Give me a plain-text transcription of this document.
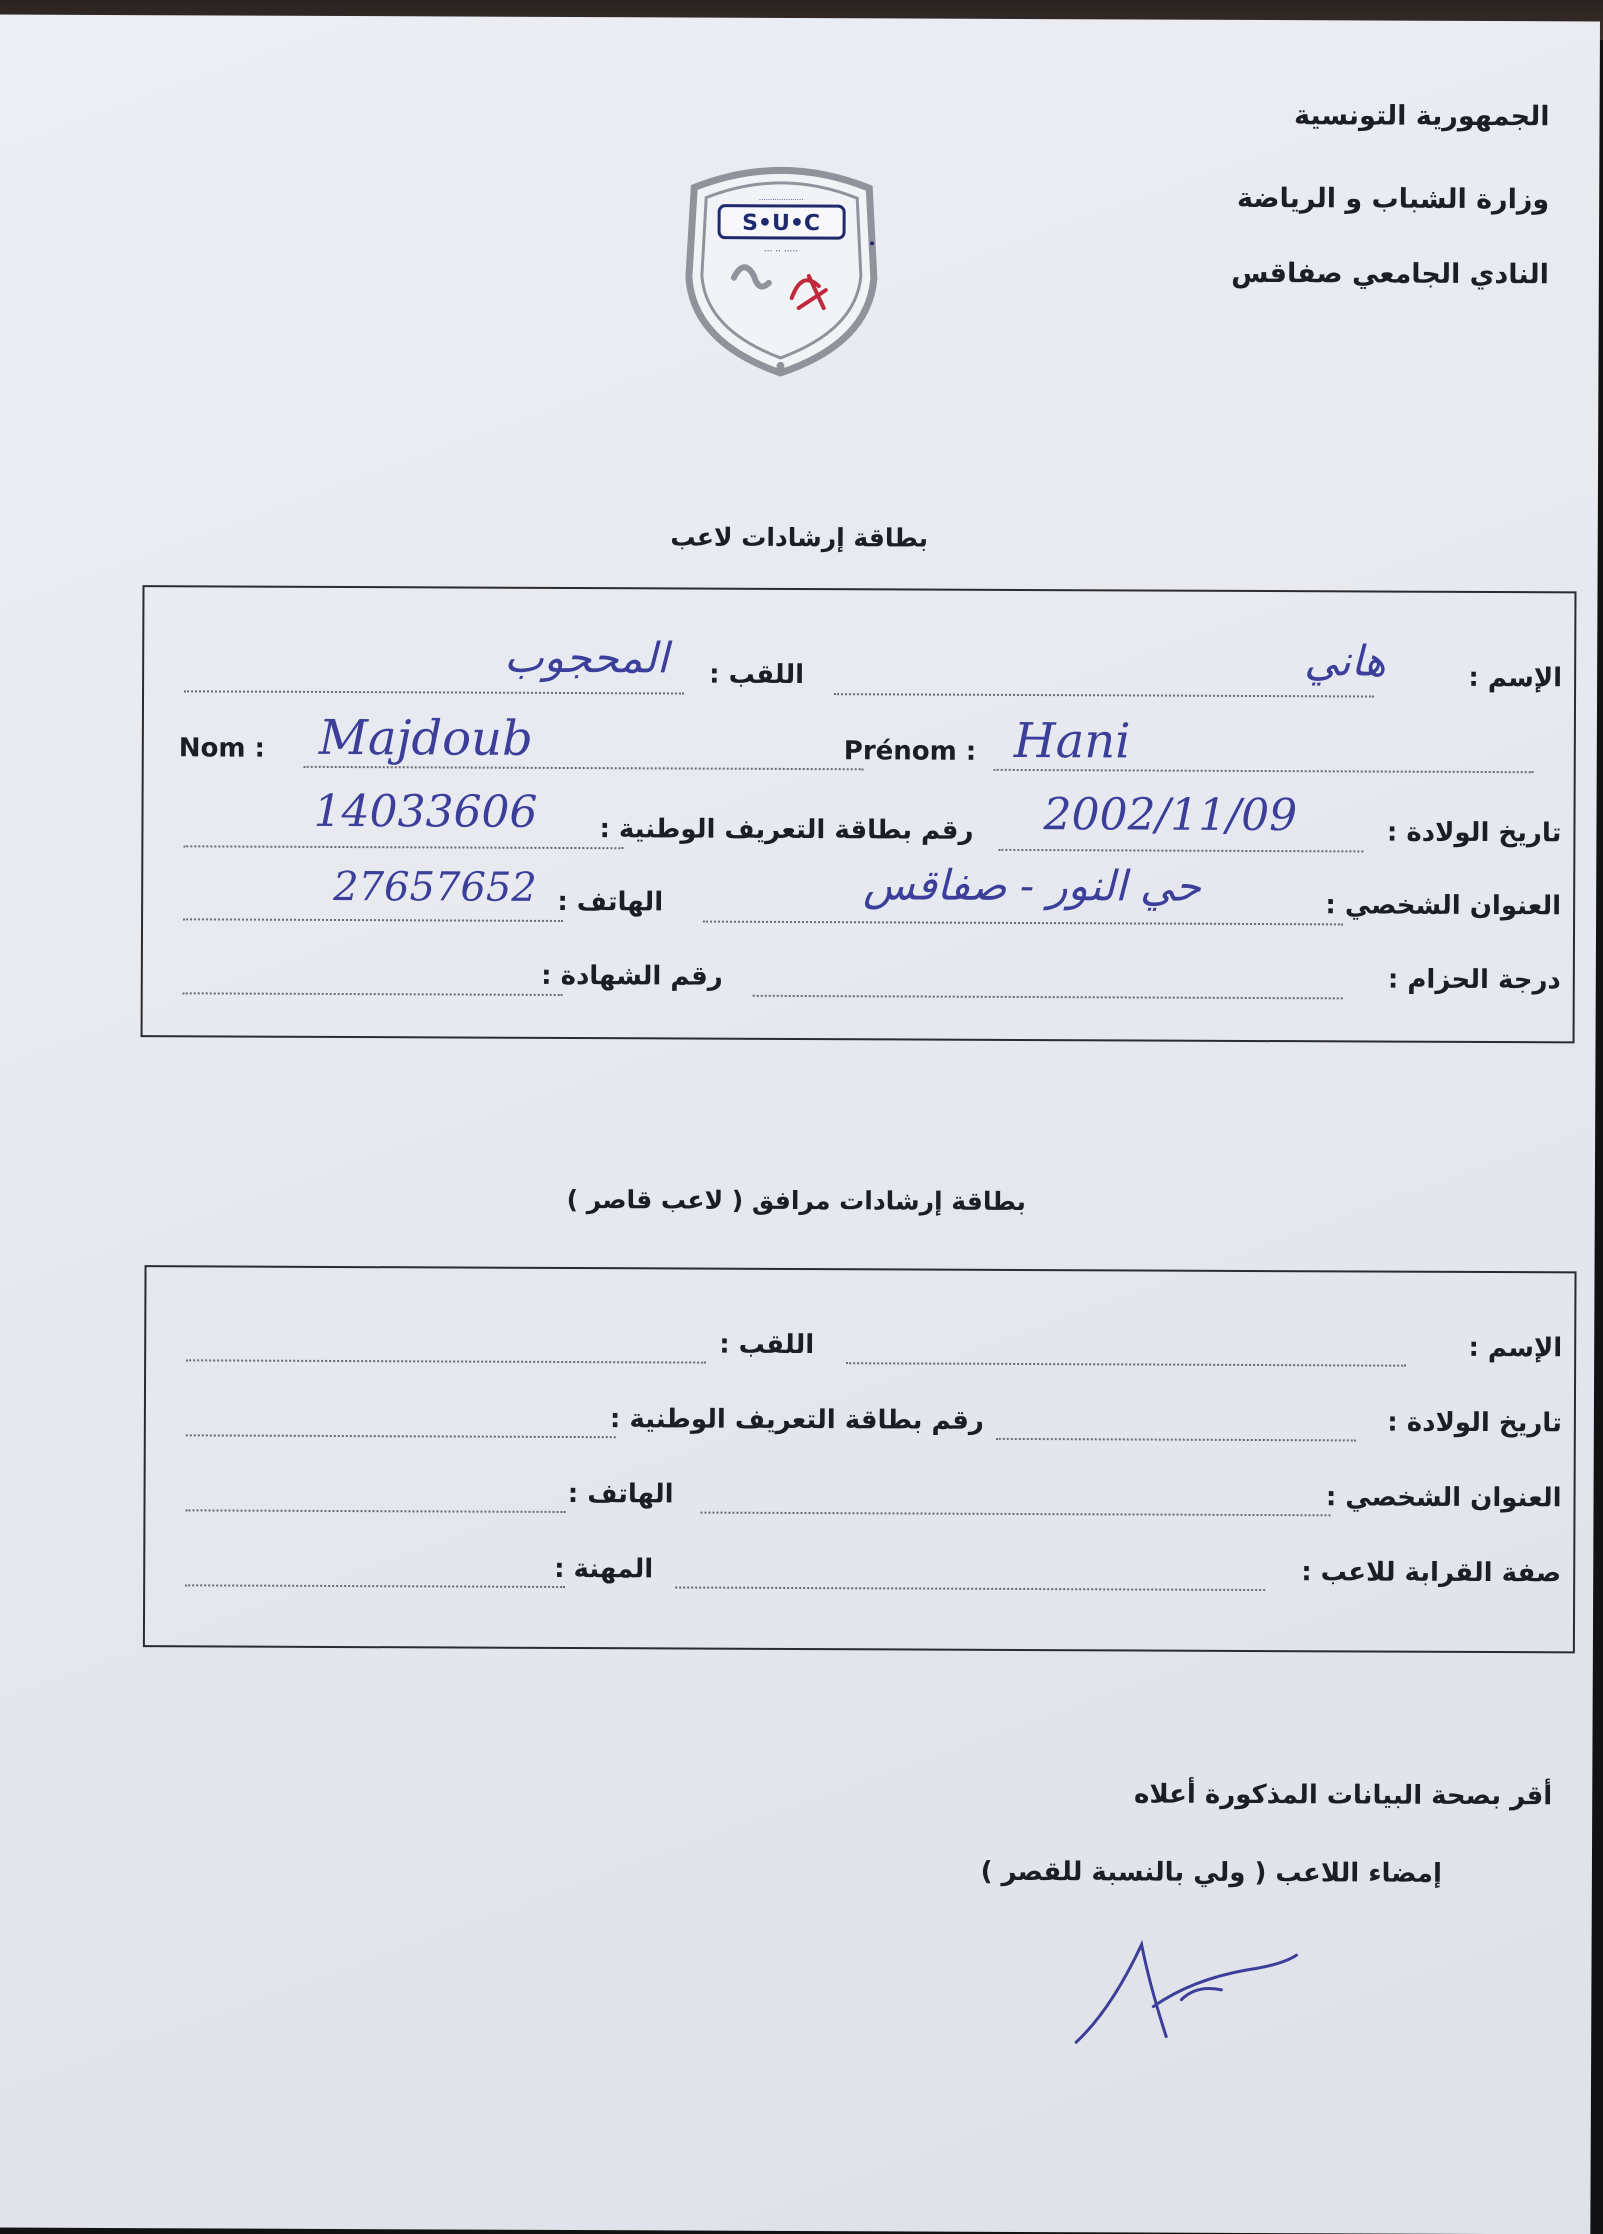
الجمهورية التونسية
وزارة الشباب و الرياضة
النادي الجامعي صفاقس
S•U•C
····················
··· ·· ·····
بطاقة إرشادات لاعب
الإسم :
هاني
اللقب :
المحجوب
Nom : Majdoub	Prénom : Hani
تاريخ الولادة :
2002/11/09
رقم بطاقة التعريف الوطنية :
14033606
العنوان الشخصي :
حي النور - صفاقس
الهاتف :
27657652
درجة الحزام :
رقم الشهادة :
بطاقة إرشادات مرافق ( لاعب قاصر )
الإسم :
اللقب :
تاريخ الولادة :
رقم بطاقة التعريف الوطنية :
العنوان الشخصي :
الهاتف :
صفة القرابة للاعب :
المهنة :
أقر بصحة البيانات المذكورة أعلاه
إمضاء اللاعب ( ولي بالنسبة للقصر )
